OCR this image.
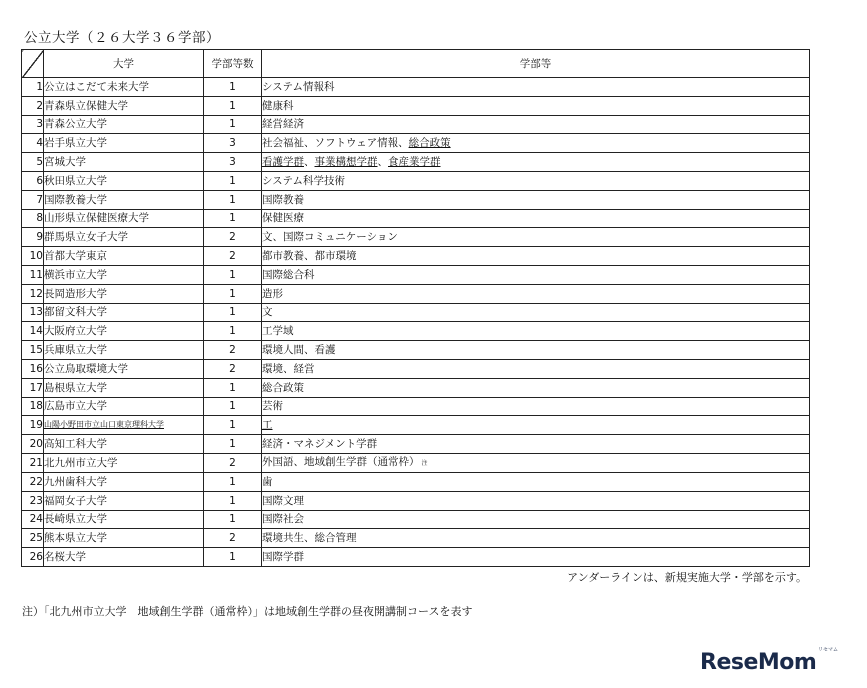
公立大学（２６大学３６学部）
	大学	学部等数	学部等
1	公立はこだて未来大学	1	システム情報科
2	青森県立保健大学	1	健康科
3	青森公立大学	1	経営経済
4	岩手県立大学	3	社会福祉、ソフトウェア情報、総合政策
5	宮城大学	3	看護学群、事業構想学群、食産業学群
6	秋田県立大学	1	システム科学技術
7	国際教養大学	1	国際教養
8	山形県立保健医療大学	1	保健医療
9	群馬県立女子大学	2	文、国際コミュニケーション
10	首都大学東京	2	都市教養、都市環境
11	横浜市立大学	1	国際総合科
12	長岡造形大学	1	造形
13	都留文科大学	1	文
14	大阪府立大学	1	工学域
15	兵庫県立大学	2	環境人間、看護
16	公立鳥取環境大学	2	環境、経営
17	島根県立大学	1	総合政策
18	広島市立大学	1	芸術
19	山陽小野田市立山口東京理科大学	1	工
20	高知工科大学	1	経済・マネジメント学群
21	北九州市立大学	2	外国語、地域創生学群（通常枠） 注
22	九州歯科大学	1	歯
23	福岡女子大学	1	国際文理
24	長崎県立大学	1	国際社会
25	熊本県立大学	2	環境共生、総合管理
26	名桜大学	1	国際学群
アンダーラインは、新規実施大学・学部を示す。
注）「北九州市立大学　地域創生学群（通常枠）」は地域創生学群の昼夜開講制コースを表す
ReseMom リセマム
